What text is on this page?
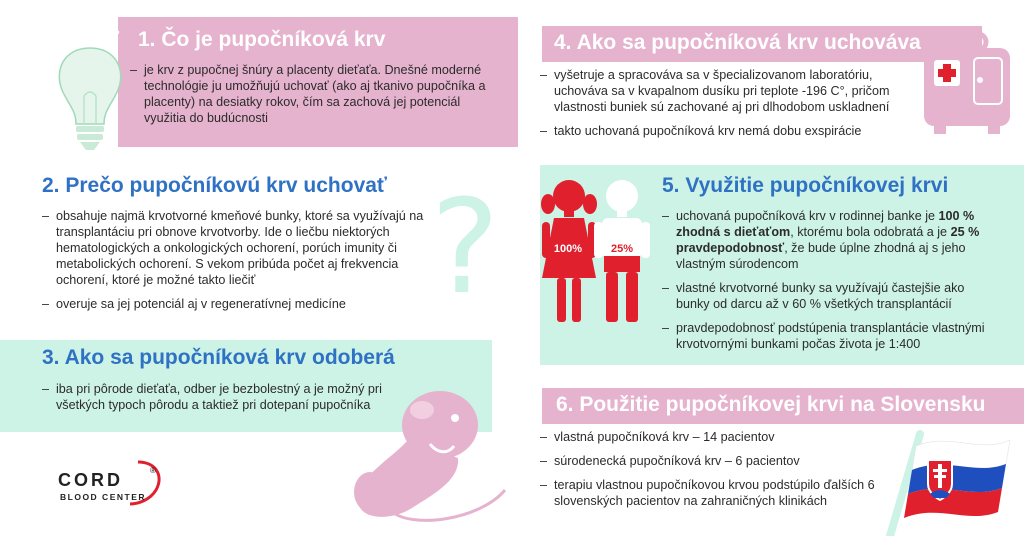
1. Čo je pupočníková krv
– je krv z pupočnej šnúry a placenty dieťaťa. Dnešné moderné technológie ju umožňujú uchovať (ako aj tkanivo pupočníka a placenty) na desiatky rokov, čím sa zachová jej potenciál využitia do budúcnosti
2. Prečo pupočníkovú krv uchovať
– obsahuje najmä krvotvorné kmeňové bunky, ktoré sa využívajú na transplantáciu pri obnove krvotvorby. Ide o liečbu niektorých hematologických a onkologických ochorení, porúch imunity či metabolických ochorení. S vekom pribúda počet aj frekvencia ochorení, ktoré je možné takto liečiť
– overuje sa jej potenciál aj v regeneratívnej medicíne ?
3. Ako sa pupočníková krv odoberá
– iba pri pôrode dieťaťa, odber je bezbolestný a je možný pri všetkých typoch pôrodu a taktiež pri dotepaní pupočníka
CORD	®
BLOOD CENTER
4. Ako sa pupočníková krv uchováva
– vyšetruje a spracováva sa v špecializovanom laboratóriu, uchováva sa v kvapalnom dusíku pri teplote -196 C°, pričom vlastnosti buniek sú zachované aj pri dlhodobom uskladnení
– takto uchovaná pupočníková krv nemá dobu exspirácie
100%	25%
5. Využitie pupočníkovej krvi
– uchovaná pupočníková krv v rodinnej banke je 100 % zhodná s dieťaťom, ktorému bola odobratá a je 25 % pravdepodobnosť, že bude úplne zhodná aj s jeho vlastným súrodencom
– vlastné krvotvorné bunky sa využívajú častejšie ako bunky od darcu až v 60 % všetkých transplantácií
– pravdepodobnosť podstúpenia transplantácie vlastnými krvotvornými bunkami počas života je 1:400
6. Použitie pupočníkovej krvi na Slovensku
– vlastná pupočníková krv – 14 pacientov
– súrodenecká pupočníková krv – 6 pacientov
– terapiu vlastnou pupočníkovou krvou podstúpilo ďalších 6 slovenských pacientov na zahraničných klinikách
